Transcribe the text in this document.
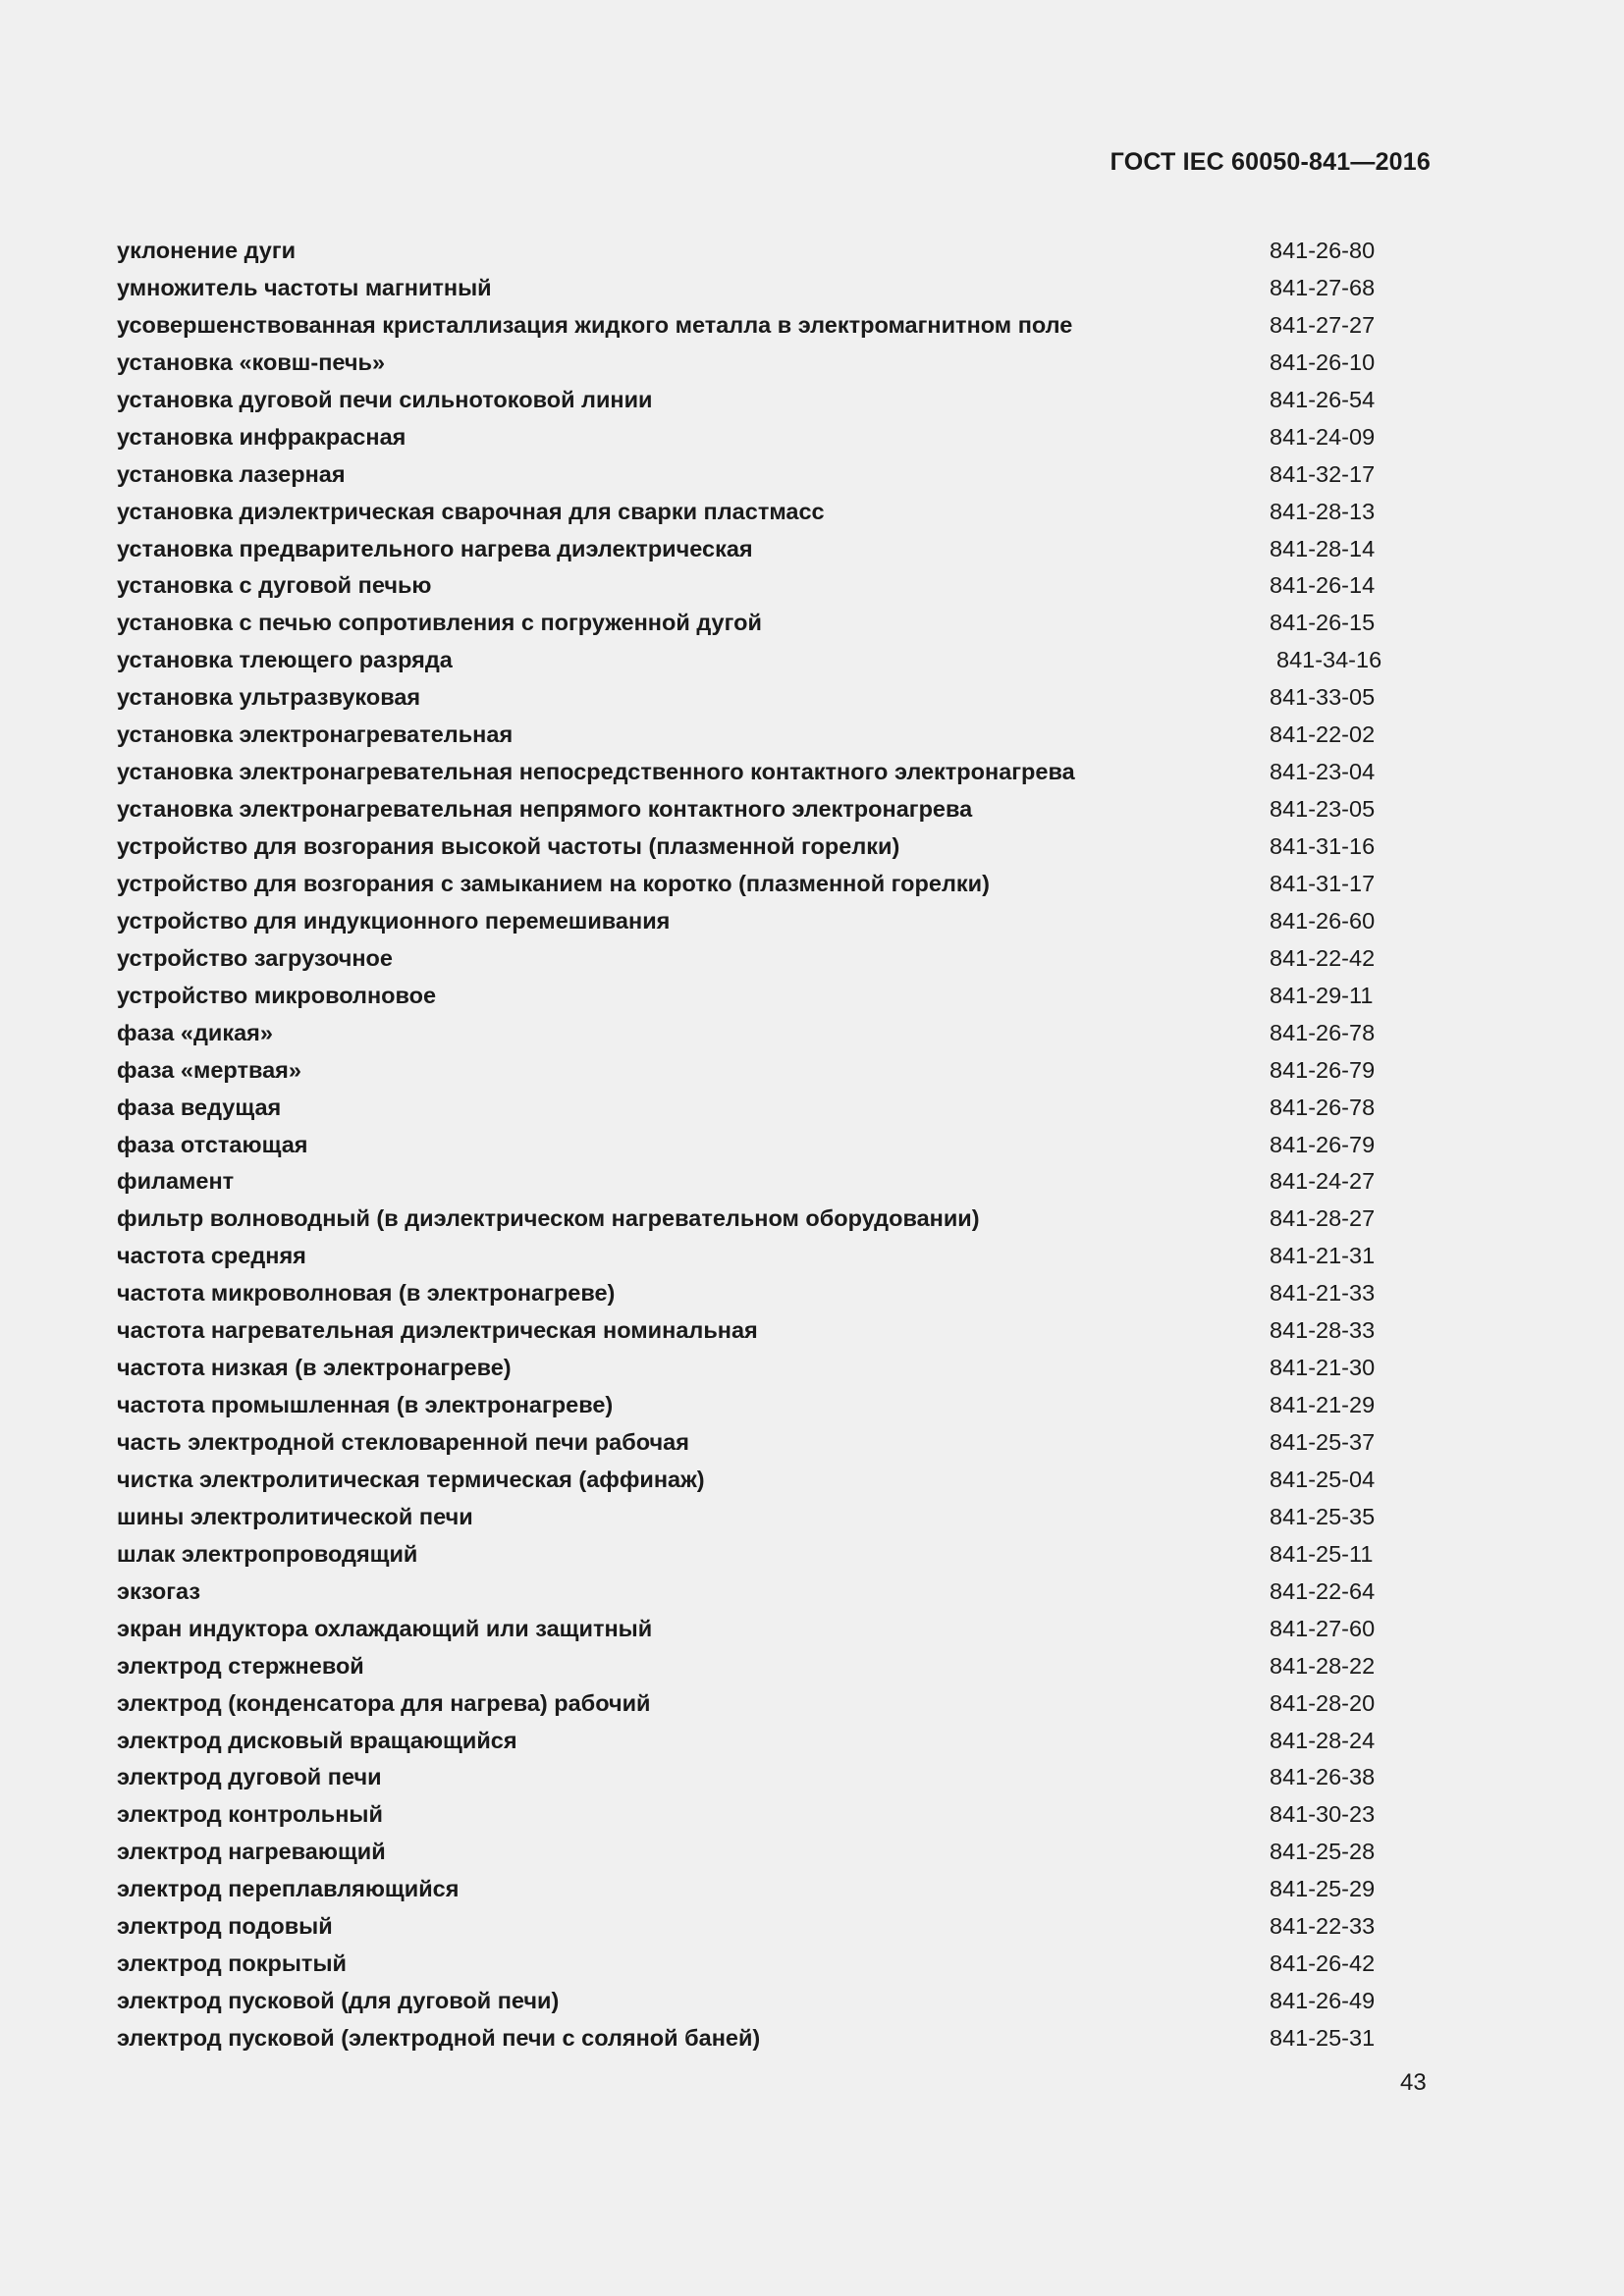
ГОСТ IEC 60050-841—2016
уклонение дуги	841-26-80
умножитель частоты магнитный	841-27-68
усовершенствованная кристаллизация жидкого металла в электромагнитном поле	841-27-27
установка «ковш-печь»	841-26-10
установка дуговой печи сильнотоковой линии	841-26-54
установка инфракрасная	841-24-09
установка лазерная	841-32-17
установка диэлектрическая сварочная для сварки пластмасс	841-28-13
установка предварительного нагрева диэлектрическая	841-28-14
установка с дуговой печью	841-26-14
установка с печью сопротивления с погруженной дугой	841-26-15
установка тлеющего разряда	841-34-16
установка ультразвуковая	841-33-05
установка электронагревательная	841-22-02
установка электронагревательная непосредственного контактного электронагрева	841-23-04
установка электронагревательная непрямого контактного электронагрева	841-23-05
устройство для возгорания высокой частоты (плазменной горелки)	841-31-16
устройство для возгорания с замыканием на коротко (плазменной горелки)	841-31-17
устройство для индукционного перемешивания	841-26-60
устройство загрузочное	841-22-42
устройство микроволновое	841-29-11
фаза «дикая»	841-26-78
фаза «мертвая»	841-26-79
фаза ведущая	841-26-78
фаза отстающая	841-26-79
филамент	841-24-27
фильтр волноводный (в диэлектрическом нагревательном оборудовании)	841-28-27
частота средняя	841-21-31
частота микроволновая (в электронагреве)	841-21-33
частота нагревательная диэлектрическая номинальная	841-28-33
частота низкая (в электронагреве)	841-21-30
частота промышленная (в электронагреве)	841-21-29
часть электродной стекловаренной печи рабочая	841-25-37
чистка электролитическая термическая (аффинаж)	841-25-04
шины электролитической печи	841-25-35
шлак электропроводящий	841-25-11
экзогаз	841-22-64
экран индуктора охлаждающий или защитный	841-27-60
электрод стержневой	841-28-22
электрод (конденсатора для нагрева) рабочий	841-28-20
электрод дисковый вращающийся	841-28-24
электрод дуговой печи	841-26-38
электрод контрольный	841-30-23
электрод нагревающий	841-25-28
электрод переплавляющийся	841-25-29
электрод подовый	841-22-33
электрод покрытый	841-26-42
электрод пусковой (для дуговой печи)	841-26-49
электрод пусковой (электродной печи с соляной баней)	841-25-31
43
